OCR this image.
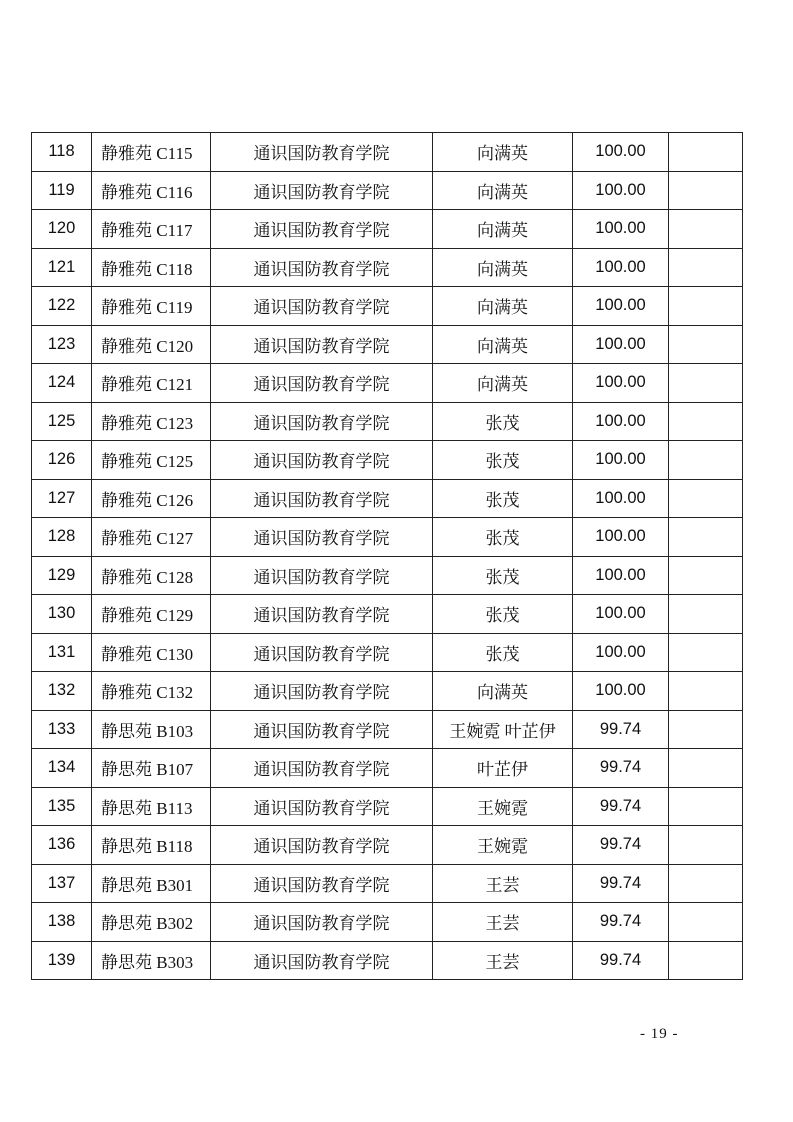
118	静雅苑 C115	通识国防教育学院	向满英	100.00	
119	静雅苑 C116	通识国防教育学院	向满英	100.00	
120	静雅苑 C117	通识国防教育学院	向满英	100.00	
121	静雅苑 C118	通识国防教育学院	向满英	100.00	
122	静雅苑 C119	通识国防教育学院	向满英	100.00	
123	静雅苑 C120	通识国防教育学院	向满英	100.00	
124	静雅苑 C121	通识国防教育学院	向满英	100.00	
125	静雅苑 C123	通识国防教育学院	张茂	100.00	
126	静雅苑 C125	通识国防教育学院	张茂	100.00	
127	静雅苑 C126	通识国防教育学院	张茂	100.00	
128	静雅苑 C127	通识国防教育学院	张茂	100.00	
129	静雅苑 C128	通识国防教育学院	张茂	100.00	
130	静雅苑 C129	通识国防教育学院	张茂	100.00	
131	静雅苑 C130	通识国防教育学院	张茂	100.00	
132	静雅苑 C132	通识国防教育学院	向满英	100.00	
133	静思苑 B103	通识国防教育学院	王婉霓 叶芷伊	99.74	
134	静思苑 B107	通识国防教育学院	叶芷伊	99.74	
135	静思苑 B113	通识国防教育学院	王婉霓	99.74	
136	静思苑 B118	通识国防教育学院	王婉霓	99.74	
137	静思苑 B301	通识国防教育学院	王芸	99.74	
138	静思苑 B302	通识国防教育学院	王芸	99.74	
139	静思苑 B303	通识国防教育学院	王芸	99.74	
- 19 -
